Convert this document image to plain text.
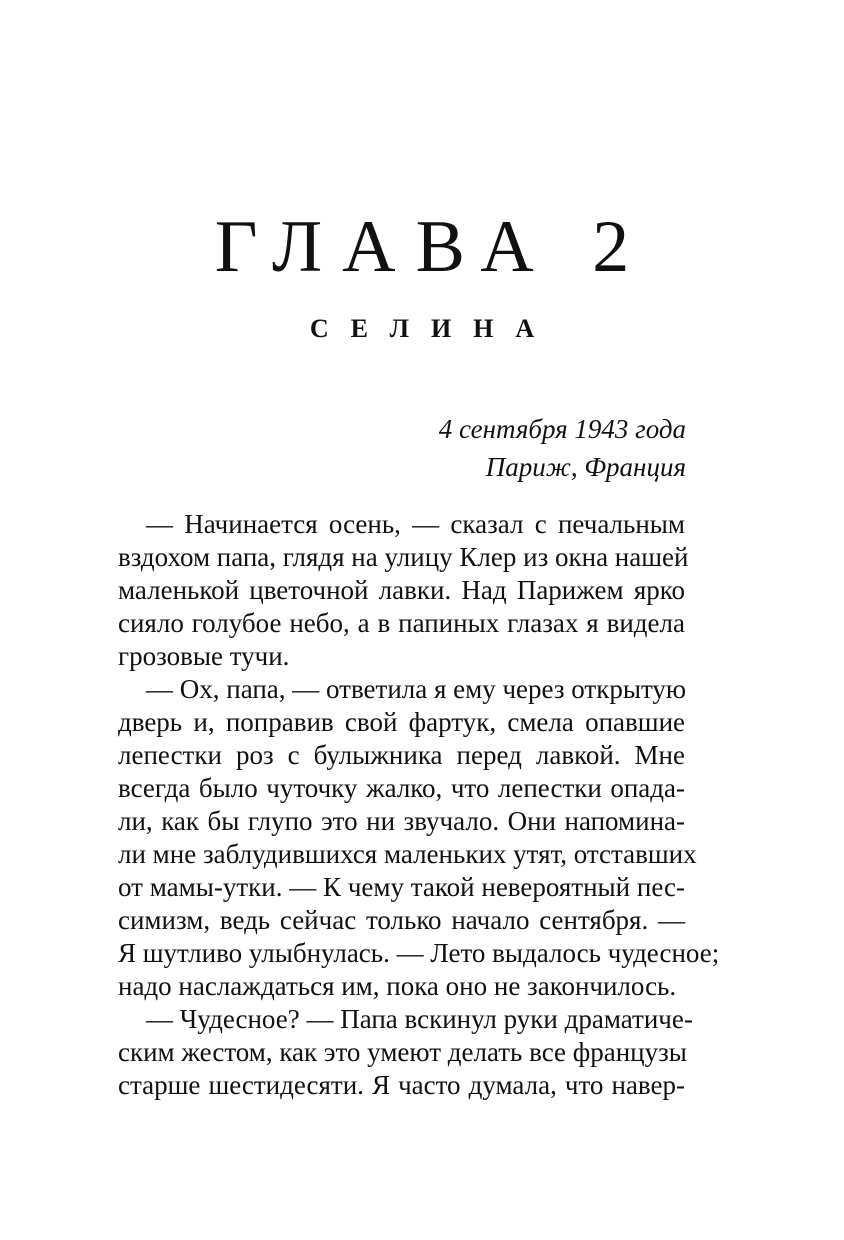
ГЛАВА 2
СЕЛИНА
4 сентября 1943 года
Париж, Франция
— Начинается осень, — сказал с печальным
вздохом папа, глядя на улицу Клер из окна нашей
маленькой цветочной лавки. Над Парижем ярко
сияло голубое небо, а в папиных глазах я видела
грозовые тучи.
— Ох, папа, — ответила я ему через открытую
дверь и, поправив свой фартук, смела опавшие
лепестки роз с булыжника перед лавкой. Мне
всегда было чуточку жалко, что лепестки опада-
ли, как бы глупо это ни звучало. Они напомина-
ли мне заблудившихся маленьких утят, отставших
от мамы-утки. — К чему такой невероятный пес-
симизм, ведь сейчас только начало сентября. —
Я шутливо улыбнулась. — Лето выдалось чудесное;
надо наслаждаться им, пока оно не закончилось.
— Чудесное? — Папа вскинул руки драматиче-
ским жестом, как это умеют делать все французы
старше шестидесяти. Я часто думала, что навер-
